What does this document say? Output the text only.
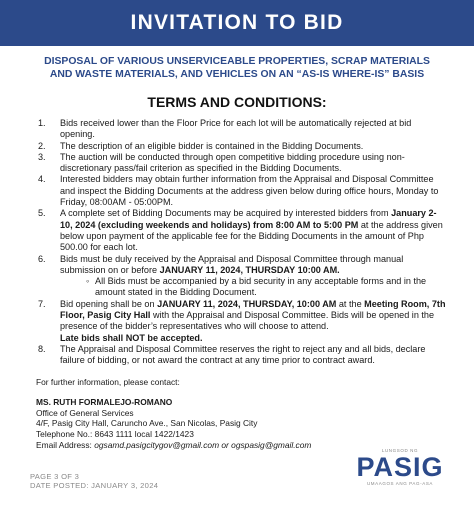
INVITATION TO BID
DISPOSAL OF VARIOUS UNSERVICEABLE PROPERTIES, SCRAP MATERIALS
AND WASTE MATERIALS, AND VEHICLES ON AN “AS-IS WHERE-IS” BASIS
TERMS AND CONDITIONS:
1.	Bids received lower than the Floor Price for each lot will be automatically rejected at bid opening.
2.	The description of an eligible bidder is contained in the Bidding Documents.
3.	The auction will be conducted through open competitive bidding procedure using non-discretionary pass/fail criterion as specified in the Bidding Documents.
4.	Interested bidders may obtain further information from the Appraisal and Disposal Committee and inspect the Bidding Documents at the address given below during office hours, Monday to Friday, 08:00AM - 05:00PM.
5.	A complete set of Bidding Documents may be acquired by interested bidders from January 2-10, 2024 (excluding weekends and holidays) from 8:00 AM to 5:00 PM at the address given below upon payment of the applicable fee for the Bidding Documents in the amount of Php 500.00 for each lot.
6.	Bids must be duly received by the Appraisal and Disposal Committee through manual submission on or before JANUARY 11, 2024, THURSDAY 10:00 AM.
◦ All Bids must be accompanied by a bid security in any acceptable forms and in the amount stated in the Bidding Document.
7.	Bid opening shall be on JANUARY 11, 2024, THURSDAY, 10:00 AM at the Meeting Room, 7th Floor, Pasig City Hall with the Appraisal and Disposal Committee. Bids will be opened in the presence of the bidder’s representatives who will choose to attend.
Late bids shall NOT be accepted.
8.	The Appraisal and Disposal Committee reserves the right to reject any and all bids, declare failure of bidding, or not award the contract at any time prior to contract award.
For further information, please contact:
MS. RUTH FORMALEJO-ROMANO
Office of General Services
4/F, Pasig City Hall, Caruncho Ave., San Nicolas, Pasig City
Telephone No.: 8643 1111 local 1422/1423
Email Address: ogsamd.pasigcitygov@gmail.com or ogspasig@gmail.com
PAGE 3 OF 3
DATE POSTED: JANUARY 3, 2024
LUNGSOD NG
PASIG
UMAAGOS ANG PAG-ASA
